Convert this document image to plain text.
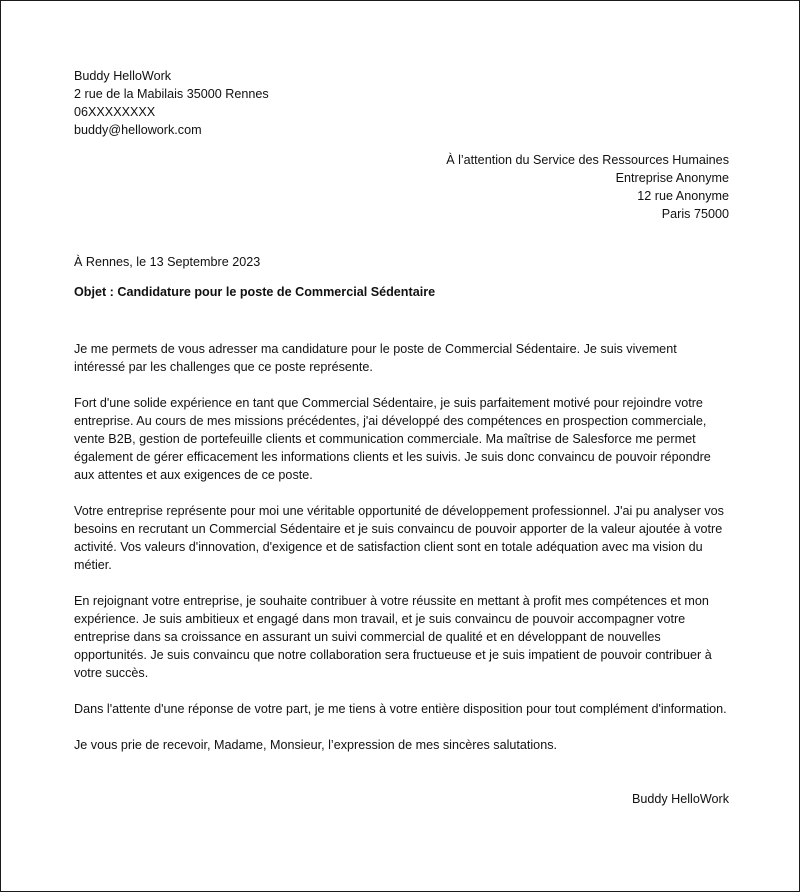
Buddy HelloWork
2 rue de la Mabilais 35000 Rennes
06XXXXXXXX
buddy@hellowork.com
À l’attention du Service des Ressources Humaines
Entreprise Anonyme
12 rue Anonyme
Paris 75000
À Rennes, le 13 Septembre 2023
Objet : Candidature pour le poste de Commercial Sédentaire

Je me permets de vous adresser ma candidature pour le poste de Commercial Sédentaire. Je suis vivement intéressé par les challenges que ce poste représente.

Fort d'une solide expérience en tant que Commercial Sédentaire, je suis parfaitement motivé pour rejoindre votre entreprise. Au cours de mes missions précédentes, j'ai développé des compétences en prospection commerciale, vente B2B, gestion de portefeuille clients et communication commerciale. Ma maîtrise de Salesforce me permet également de gérer efficacement les informations clients et les suivis. Je suis donc convaincu de pouvoir répondre aux attentes et aux exigences de ce poste.

Votre entreprise représente pour moi une véritable opportunité de développement professionnel. J'ai pu analyser vos besoins en recrutant un Commercial Sédentaire et je suis convaincu de pouvoir apporter de la valeur ajoutée à votre activité. Vos valeurs d'innovation, d'exigence et de satisfaction client sont en totale adéquation avec ma vision du métier.

En rejoignant votre entreprise, je souhaite contribuer à votre réussite en mettant à profit mes compétences et mon expérience. Je suis ambitieux et engagé dans mon travail, et je suis convaincu de pouvoir accompagner votre entreprise dans sa croissance en assurant un suivi commercial de qualité et en développant de nouvelles opportunités. Je suis convaincu que notre collaboration sera fructueuse et je suis impatient de pouvoir contribuer à votre succès.

Dans l'attente d'une réponse de votre part, je me tiens à votre entière disposition pour tout complément d'information.

Je vous prie de recevoir, Madame, Monsieur, l’expression de mes sincères salutations.

Buddy HelloWork
